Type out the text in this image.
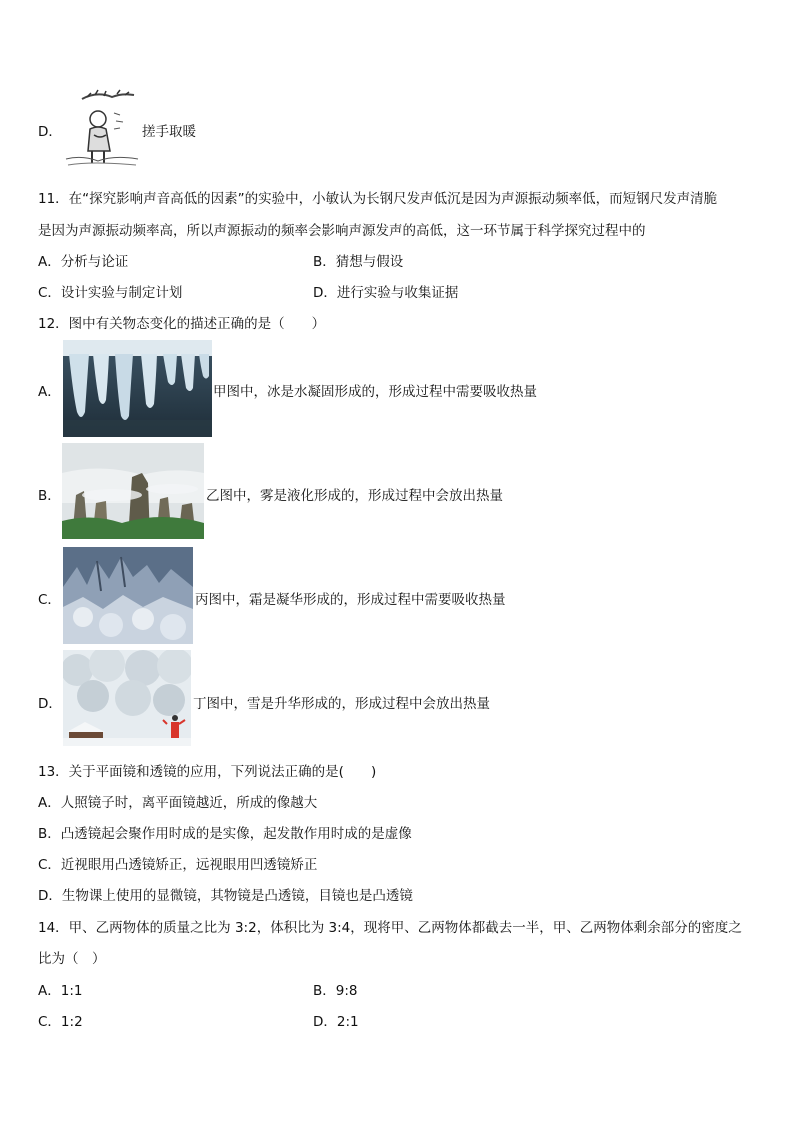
D．	搓手取暖
11．在“探究影响声音高低的因素”的实验中，小敏认为长钢尺发声低沉是因为声源振动频率低，而短钢尺发声清脆
是因为声源振动频率高，所以声源振动的频率会影响声源发声的高低，这一环节属于科学探究过程中的
A．分析与论证	B．猜想与假设
C．设计实验与制定计划	D．进行实验与收集证据
12．图中有关物态变化的描述正确的是（　　）
A．	甲图中，冰是水凝固形成的，形成过程中需要吸收热量
B．	乙图中，雾是液化形成的，形成过程中会放出热量
C．	丙图中，霜是凝华形成的，形成过程中需要吸收热量
D．	丁图中，雪是升华形成的，形成过程中会放出热量
13．关于平面镜和透镜的应用，下列说法正确的是(　　)
A．人照镜子时，离平面镜越近，所成的像越大
B．凸透镜起会聚作用时成的是实像，起发散作用时成的是虚像
C．近视眼用凸透镜矫正，远视眼用凹透镜矫正
D．生物课上使用的显微镜，其物镜是凸透镜，目镜也是凸透镜
14．甲、乙两物体的质量之比为 3:2，体积比为 3:4，现将甲、乙两物体都截去一半，甲、乙两物体剩余部分的密度之
比为（　）
A．1:1	B．9:8
C．1:2	D．2:1
